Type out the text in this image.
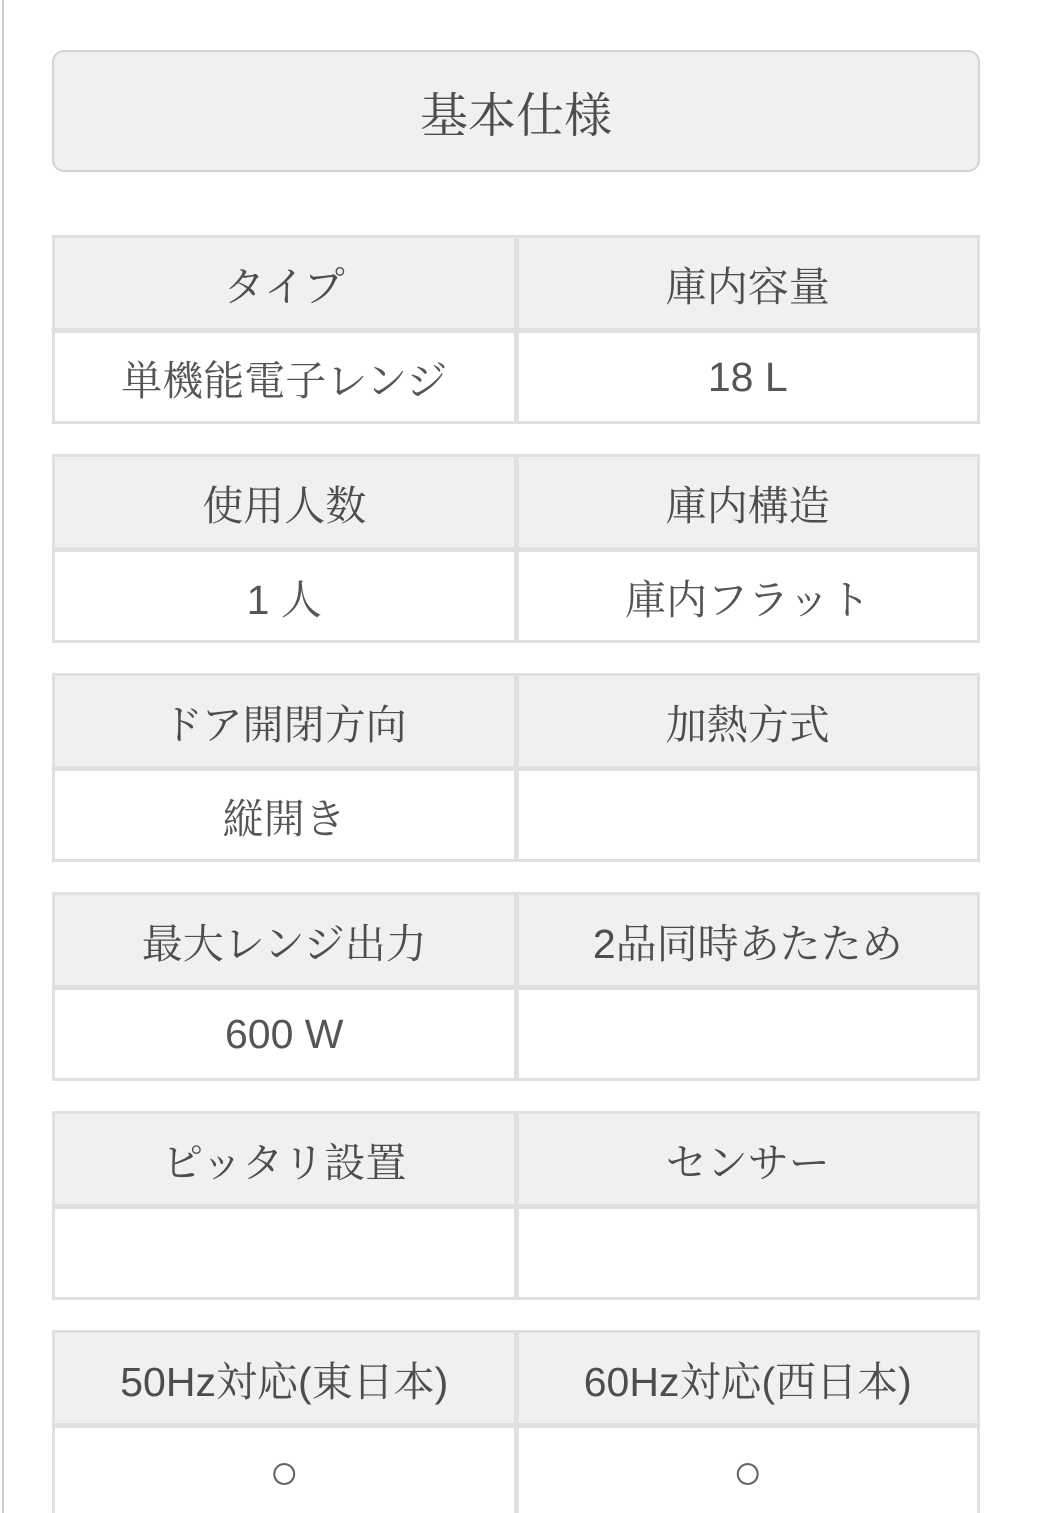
基本仕様
タイプ	庫内容量
単機能電子レンジ	18 L
使用人数	庫内構造
1 人	庫内フラット
ドア開閉方向	加熱方式
縦開き
最大レンジ出力	2品同時あたため
600 W
ピッタリ設置	センサー
50Hz対応(東日本)	60Hz対応(西日本)
○	○
